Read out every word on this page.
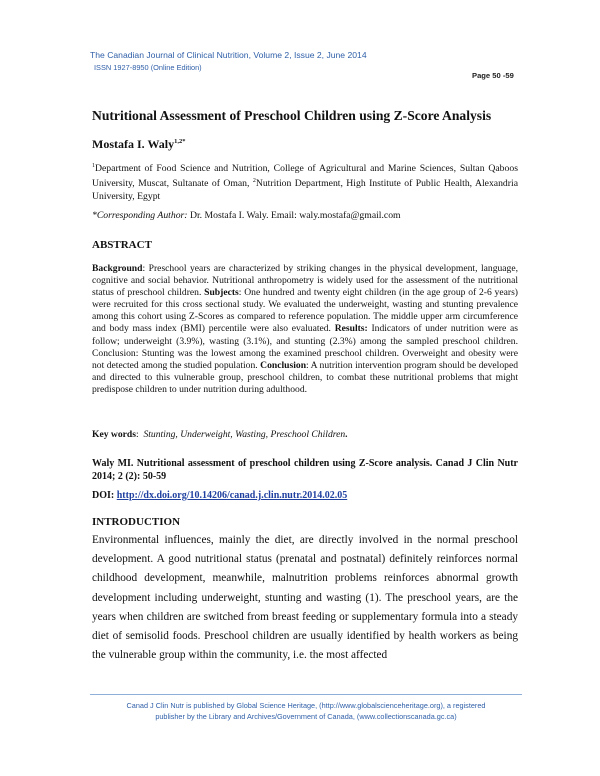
The Canadian Journal of Clinical Nutrition, Volume 2, Issue 2, June 2014
ISSN 1927-8950 (Online Edition)
Page 50 -59
Nutritional Assessment of Preschool Children using Z-Score Analysis
Mostafa I. Waly$^{1,2*}$
$^1$Department of Food Science and Nutrition, College of Agricultural and Marine Sciences, Sultan Qaboos University, Muscat, Sultanate of Oman, $^2$Nutrition Department, High Institute of Public Health, Alexandria University, Egypt
*Corresponding Author: Dr. Mostafa I. Waly. Email: waly.mostafa@gmail.com
ABSTRACT
Background: Preschool years are characterized by striking changes in the physical development, language, cognitive and social behavior. Nutritional anthropometry is widely used for the assessment of the nutritional status of preschool children. Subjects: One hundred and twenty eight children (in the age group of 2-6 years) were recruited for this cross sectional study. We evaluated the underweight, wasting and stunting prevalence among this cohort using Z-Scores as compared to reference population. The middle upper arm circumference and body mass index (BMI) percentile were also evaluated. Results: Indicators of under nutrition were as follow; underweight (3.9%), wasting (3.1%), and stunting (2.3%) among the sampled preschool children. Conclusion: Stunting was the lowest among the examined preschool children. Overweight and obesity were not detected among the studied population. Conclusion: A nutrition intervention program should be developed and directed to this vulnerable group, preschool children, to combat these nutritional problems that might predispose children to under nutrition during adulthood.
Key words:  Stunting, Underweight, Wasting, Preschool Children.
Waly MI. Nutritional assessment of preschool children using Z-Score analysis. Canad J Clin Nutr 2014; 2 (2): 50-59
DOI: http://dx.doi.org/10.14206/canad.j.clin.nutr.2014.02.05
INTRODUCTION
Environmental influences, mainly the diet, are directly involved in the normal preschool development. A good nutritional status (prenatal and postnatal) definitely reinforces normal childhood development, meanwhile, malnutrition problems reinforces abnormal growth development including underweight, stunting and wasting (1). The preschool years, are the years when children are switched from breast feeding or supplementary formula into a steady diet of semisolid foods. Preschool children are usually identified by health workers as being the vulnerable group within the community, i.e. the most affected
Canad J Clin Nutr is published by Global Science Heritage, (http://www.globalscienceheritage.org), a registered
publisher by the Library and Archives/Government of Canada, (www.collectionscanada.gc.ca)
